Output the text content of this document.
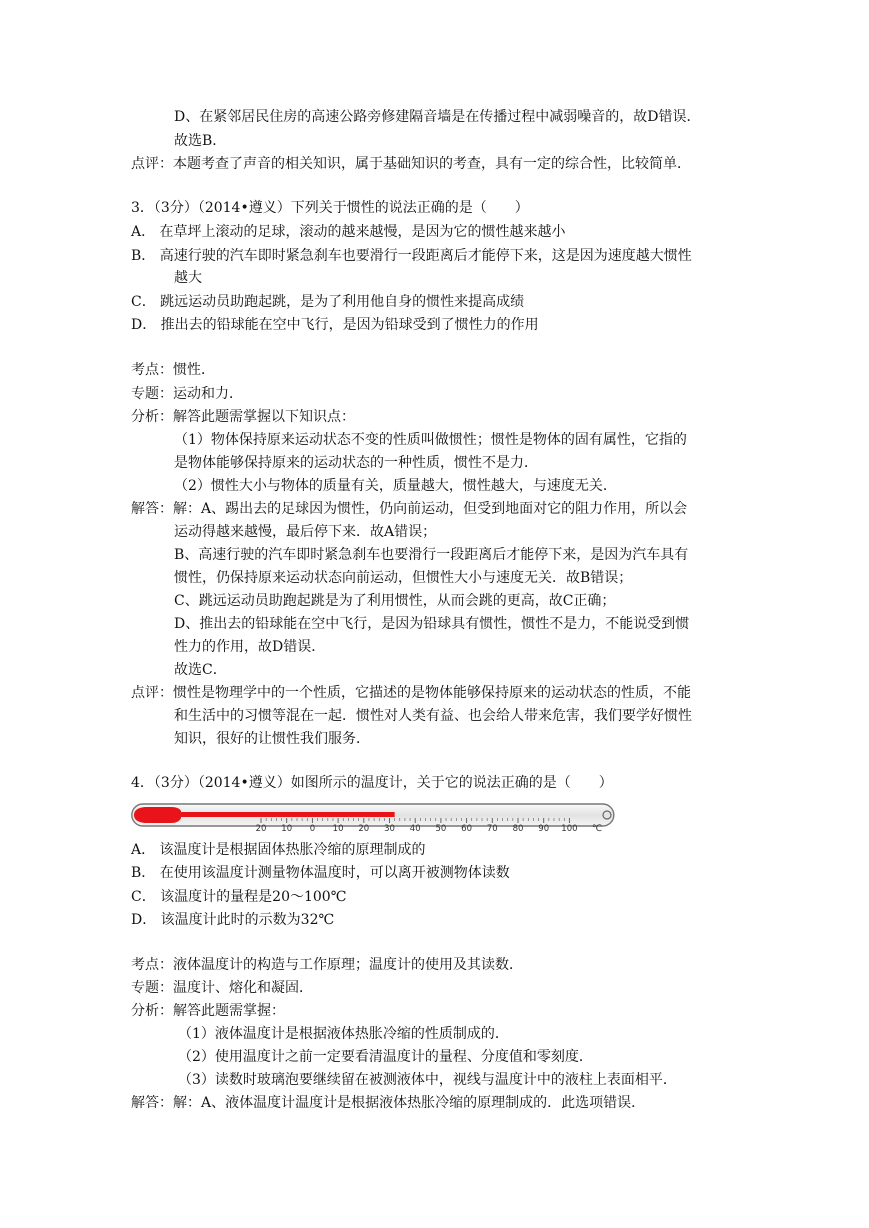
D、在紧邻居民住房的高速公路旁修建隔音墙是在传播过程中减弱噪音的，故D错误．
故选B．
点评：本题考查了声音的相关知识，属于基础知识的考查，具有一定的综合性，比较简单．
3．（3分）（2014•遵义）下列关于惯性的说法正确的是（　　）
A． 在草坪上滚动的足球，滚动的越来越慢，是因为它的惯性越来越小
B． 高速行驶的汽车即时紧急刹车也要滑行一段距离后才能停下来，这是因为速度越大惯性
越大
C． 跳远运动员助跑起跳，是为了利用他自身的惯性来提高成绩
D． 推出去的铅球能在空中飞行，是因为铅球受到了惯性力的作用
考点：惯性．
专题：运动和力．
分析：解答此题需掌握以下知识点：
（1）物体保持原来运动状态不变的性质叫做惯性；惯性是物体的固有属性，它指的
是物体能够保持原来的运动状态的一种性质，惯性不是力．
（2）惯性大小与物体的质量有关，质量越大，惯性越大，与速度无关．
解答：解：A、踢出去的足球因为惯性，仍向前运动，但受到地面对它的阻力作用，所以会
运动得越来越慢，最后停下来．故A错误；
B、高速行驶的汽车即时紧急刹车也要滑行一段距离后才能停下来，是因为汽车具有
惯性，仍保持原来运动状态向前运动，但惯性大小与速度无关．故B错误；
C、跳远运动员助跑起跳是为了利用惯性，从而会跳的更高，故C正确；
D、推出去的铅球能在空中飞行，是因为铅球具有惯性，惯性不是力，不能说受到惯
性力的作用，故D错误．
故选C．
点评：惯性是物理学中的一个性质，它描述的是物体能够保持原来的运动状态的性质，不能
和生活中的习惯等混在一起．惯性对人类有益、也会给人带来危害，我们要学好惯性
知识，很好的让惯性我们服务．
4．（3分）（2014•遵义）如图所示的温度计，关于它的说法正确的是（　　）
20 10 0 10 20 30 40 50 60 70 80 90 100 ℃
A． 该温度计是根据固体热胀冷缩的原理制成的
B． 在使用该温度计测量物体温度时，可以离开被测物体读数
C． 该温度计的量程是20～100℃
D． 该温度计此时的示数为32℃
考点：液体温度计的构造与工作原理；温度计的使用及其读数．
专题：温度计、熔化和凝固．
分析：解答此题需掌握：
（1）液体温度计是根据液体热胀冷缩的性质制成的．
（2）使用温度计之前一定要看清温度计的量程、分度值和零刻度．
（3）读数时玻璃泡要继续留在被测液体中，视线与温度计中的液柱上表面相平．
解答：解：A、液体温度计温度计是根据液体热胀冷缩的原理制成的．此选项错误．
